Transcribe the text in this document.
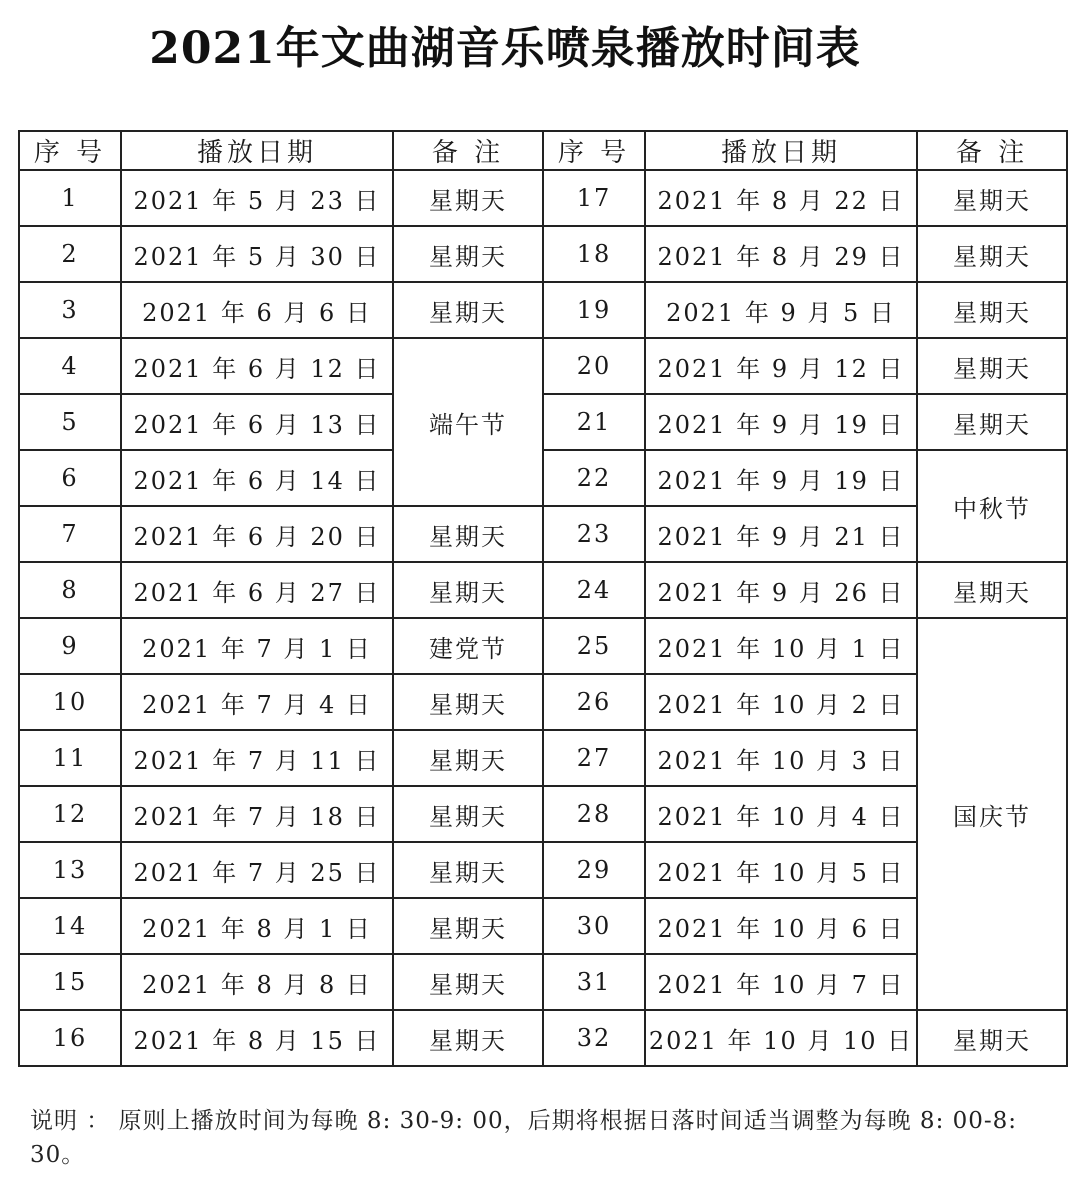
2021年文曲湖音乐喷泉播放时间表
序 号	播放日期	备 注	序 号	播放日期	备 注
1	2021 年 5 月 23 日	星期天	17	2021 年 8 月 22 日	星期天
2	2021 年 5 月 30 日	星期天	18	2021 年 8 月 29 日	星期天
3	2021 年 6 月 6 日	星期天	19	2021 年 9 月 5 日	星期天
4	2021 年 6 月 12 日	端午节	20	2021 年 9 月 12 日	星期天
5	2021 年 6 月 13 日		21	2021 年 9 月 19 日	星期天
6	2021 年 6 月 14 日		22	2021 年 9 月 19 日	中秋节
7	2021 年 6 月 20 日	星期天	23	2021 年 9 月 21 日	
8	2021 年 6 月 27 日	星期天	24	2021 年 9 月 26 日	星期天
9	2021 年 7 月 1 日	建党节	25	2021 年 10 月 1 日	国庆节
10	2021 年 7 月 4 日	星期天	26	2021 年 10 月 2 日	
11	2021 年 7 月 11 日	星期天	27	2021 年 10 月 3 日	
12	2021 年 7 月 18 日	星期天	28	2021 年 10 月 4 日	
13	2021 年 7 月 25 日	星期天	29	2021 年 10 月 5 日	
14	2021 年 8 月 1 日	星期天	30	2021 年 10 月 6 日	
15	2021 年 8 月 8 日	星期天	31	2021 年 10 月 7 日	
16	2021 年 8 月 15 日	星期天	32	2021 年 10 月 10 日	星期天
说明 ： 原则上播放时间为每晚 8: 30-9: 00，后期将根据日落时间适当调整为每晚 8: 00-8: 30。
